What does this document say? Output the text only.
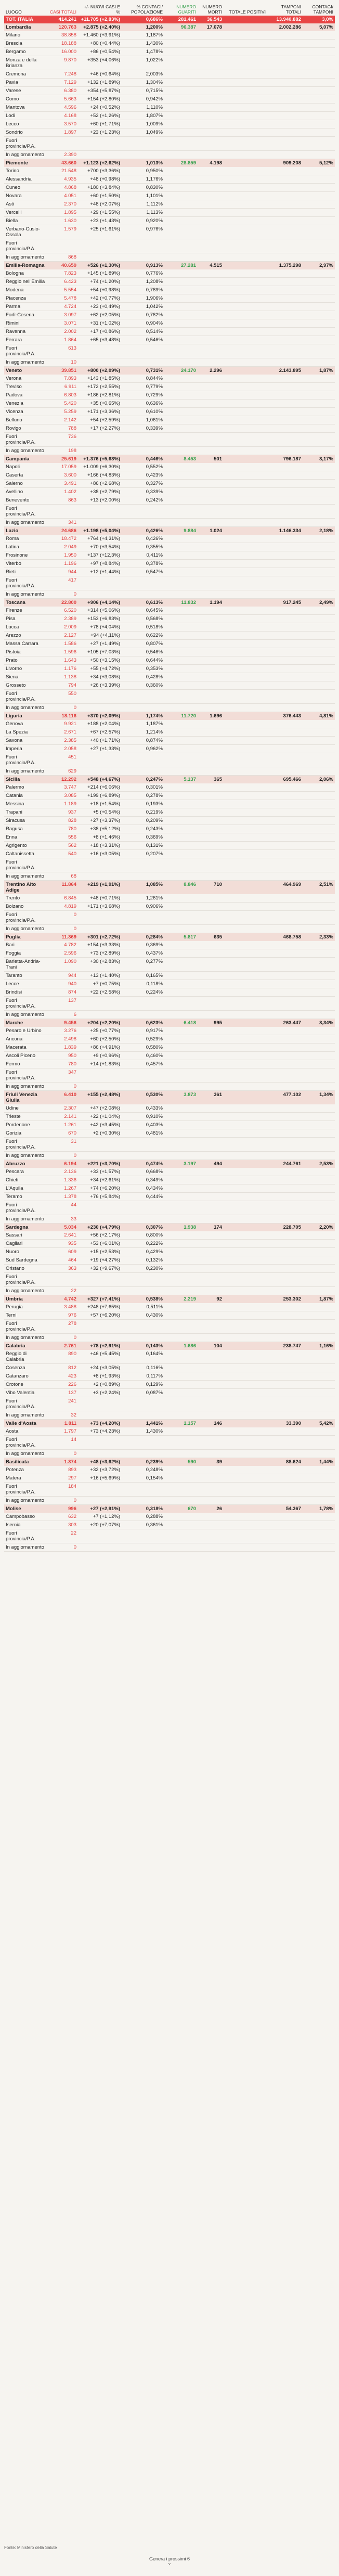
LUOGO	CASI TOTALI	+/- NUOVI CASI E %	% CONTAGI/ POPOLAZIONE	NUMERO GUARITI	NUMERO MORTI	TOTALE POSITIVI	TAMPONI TOTALI	CONTAGI/ TAMPONI
TOT. ITALIA	414.241	+11.705 (+2,83%)	0,686%	281.461	36.543		13.940.882	3,0%
Lombardia	120.763	+2.875 (+2,40%)	1,200%	96.387	17.078		2.002.286	5,07%
Milano	38.858	+1.460 (+3,91%)	1,187%					
Brescia	18.188	+80 (+0,44%)	1,430%					
Bergamo	16.000	+86 (+0,54%)	1,478%					
Monza e della Brianza	9.870	+353 (+4,06%)	1,022%					
Cremona	7.248	+46 (+0,64%)	2,003%					
Pavia	7.129	+132 (+1,89%)	1,304%					
Varese	6.380	+354 (+5,87%)	0,715%					
Como	5.663	+154 (+2,80%)	0,942%					
Mantova	4.596	+24 (+0,52%)	1,110%					
Lodi	4.168	+52 (+1,26%)	1,807%					
Lecco	3.570	+60 (+1,71%)	1,009%					
Sondrio	1.897	+23 (+1,23%)	1,049%					
Fuori provincia/P.A.								
In aggiornamento	2.390							
Piemonte	43.660	+1.123 (+2,62%)	1,013%	28.859	4.198		909.208	5,12%
Torino	21.548	+700 (+3,36%)	0,950%					
Alessandria	4.935	+48 (+0,98%)	1,176%					
Cuneo	4.868	+180 (+3,84%)	0,830%					
Novara	4.051	+60 (+1,50%)	1,101%					
Asti	2.370	+48 (+2,07%)	1,112%					
Vercelli	1.895	+29 (+1,55%)	1,113%					
Biella	1.630	+23 (+1,43%)	0,920%					
Verbano-Cusio-Ossola	1.579	+25 (+1,61%)	0,976%					
Fuori provincia/P.A.								
In aggiornamento	868							
Emilia-Romagna	40.659	+526 (+1,30%)	0,913%	27.281	4.515		1.375.298	2,97%
Bologna	7.823	+145 (+1,89%)	0,776%					
Reggio nell'Emilia	6.423	+74 (+1,20%)	1,208%					
Modena	5.554	+54 (+0,98%)	0,789%					
Piacenza	5.478	+42 (+0,77%)	1,906%					
Parma	4.724	+23 (+0,49%)	1,042%					
Forlì-Cesena	3.097	+62 (+2,05%)	0,782%					
Rimini	3.071	+31 (+1,02%)	0,904%					
Ravenna	2.002	+17 (+0,86%)	0,514%					
Ferrara	1.864	+65 (+3,48%)	0,546%					
Fuori provincia/P.A.	613							
In aggiornamento	10							
Veneto	39.851	+800 (+2,09%)	0,731%	24.170	2.296		2.143.895	1,87%
Verona	7.893	+143 (+1,85%)	0,844%					
Treviso	6.911	+172 (+2,55%)	0,779%					
Padova	6.803	+186 (+2,81%)	0,729%					
Venezia	5.420	+35 (+0,65%)	0,636%					
Vicenza	5.259	+171 (+3,36%)	0,610%					
Belluno	2.142	+54 (+2,59%)	1,061%					
Rovigo	788	+17 (+2,27%)	0,339%					
Fuori provincia/P.A.	736							
In aggiornamento	198							
Campania	25.619	+1.376 (+5,63%)	0,446%	8.453	501		796.187	3,17%
Napoli	17.059	+1.009 (+6,30%)	0,552%					
Caserta	3.600	+166 (+4,83%)	0,423%					
Salerno	3.491	+86 (+2,68%)	0,327%					
Avellino	1.402	+38 (+2,79%)	0,339%					
Benevento	863	+13 (+2,00%)	0,242%					
Fuori provincia/P.A.								
In aggiornamento	341							
Lazio	24.686	+1.198 (+5,04%)	0,426%	9.884	1.024		1.146.334	2,18%
Roma	18.472	+764 (+4,31%)	0,426%					
Latina	2.049	+70 (+3,54%)	0,355%					
Frosinone	1.950	+137 (+12,3%)	0,411%					
Viterbo	1.196	+97 (+8,84%)	0,378%					
Rieti	944	+12 (+1,44%)	0,547%					
Fuori provincia/P.A.	417							
In aggiornamento	0							
Toscana	22.800	+906 (+4,14%)	0,613%	11.832	1.194		917.245	2,49%
Firenze	6.520	+314 (+5,06%)	0,645%					
Pisa	2.389	+153 (+6,83%)	0,568%					
Lucca	2.009	+78 (+4,04%)	0,518%					
Arezzo	2.127	+94 (+4,11%)	0,622%					
Massa Carrara	1.586	+27 (+1,49%)	0,807%					
Pistoia	1.596	+105 (+7,03%)	0,546%					
Prato	1.643	+50 (+3,15%)	0,644%					
Livorno	1.176	+55 (+4,72%)	0,353%					
Siena	1.138	+34 (+3,08%)	0,428%					
Grosseto	794	+26 (+3,39%)	0,360%					
Fuori provincia/P.A.	550							
In aggiornamento	0							
Liguria	18.116	+370 (+2,09%)	1,174%	11.720	1.696		376.443	4,81%
Genova	9.921	+188 (+2,04%)	1,187%					
La Spezia	2.671	+67 (+2,57%)	1,214%					
Savona	2.385	+40 (+1,71%)	0,874%					
Imperia	2.058	+27 (+1,33%)	0,962%					
Fuori provincia/P.A.	451							
In aggiornamento	629							
Sicilia	12.292	+548 (+4,67%)	0,247%	5.137	365		695.466	2,06%
Palermo	3.747	+214 (+6,06%)	0,301%					
Catania	3.085	+199 (+6,89%)	0,278%					
Messina	1.189	+18 (+1,54%)	0,193%					
Trapani	937	+5 (+0,54%)	0,219%					
Siracusa	828	+27 (+3,37%)	0,209%					
Ragusa	780	+38 (+5,12%)	0,243%					
Enna	556	+8 (+1,46%)	0,369%					
Agrigento	562	+18 (+3,31%)	0,131%					
Caltanissetta	540	+16 (+3,05%)	0,207%					
Fuori provincia/P.A.								
In aggiornamento	68							
Trentino Alto Adige	11.864	+219 (+1,91%)	1,085%	8.846	710		464.969	2,51%
Trento	6.845	+48 (+0,71%)	1,261%					
Bolzano	4.819	+171 (+3,68%)	0,906%					
Fuori provincia/P.A.	0							
In aggiornamento	0							
Puglia	11.369	+301 (+2,72%)	0,284%	5.817	635		468.758	2,33%
Bari	4.782	+154 (+3,33%)	0,369%					
Foggia	2.596	+73 (+2,89%)	0,437%					
Barletta-Andria-Trani	1.090	+30 (+2,83%)	0,277%					
Taranto	944	+13 (+1,40%)	0,165%					
Lecce	940	+7 (+0,75%)	0,118%					
Brindisi	874	+22 (+2,58%)	0,224%					
Fuori provincia/P.A.	137							
In aggiornamento	6							
Marche	9.456	+204 (+2,20%)	0,623%	6.418	995		263.447	3,34%
Pesaro e Urbino	3.276	+25 (+0,77%)	0,917%					
Ancona	2.498	+60 (+2,50%)	0,529%					
Macerata	1.839	+86 (+4,91%)	0,580%					
Ascoli Piceno	950	+9 (+0,96%)	0,460%					
Fermo	780	+14 (+1,83%)	0,457%					
Fuori provincia/P.A.	347							
In aggiornamento	0							
Friuli Venezia Giulia	6.410	+155 (+2,48%)	0,530%	3.873	361		477.102	1,34%
Udine	2.307	+47 (+2,08%)	0,433%					
Trieste	2.141	+22 (+1,04%)	0,910%					
Pordenone	1.261	+42 (+3,45%)	0,403%					
Gorizia	670	+2 (+0,30%)	0,481%					
Fuori provincia/P.A.	31							
In aggiornamento	0							
Abruzzo	6.194	+221 (+3,70%)	0,474%	3.197	494		244.761	2,53%
Pescara	2.136	+33 (+1,57%)	0,668%					
Chieti	1.336	+34 (+2,61%)	0,349%					
L'Aquila	1.267	+74 (+6,20%)	0,434%					
Teramo	1.378	+76 (+5,84%)	0,444%					
Fuori provincia/P.A.	44							
In aggiornamento	33							
Sardegna	5.034	+230 (+4,79%)	0,307%	1.938	174		228.705	2,20%
Sassari	2.641	+56 (+2,17%)	0,800%					
Cagliari	935	+53 (+6,01%)	0,222%					
Nuoro	609	+15 (+2,53%)	0,429%					
Sud Sardegna	464	+19 (+4,27%)	0,132%					
Oristano	363	+32 (+9,67%)	0,230%					
Fuori provincia/P.A.								
In aggiornamento	22							
Umbria	4.742	+327 (+7,41%)	0,538%	2.219	92		253.302	1,87%
Perugia	3.488	+248 (+7,65%)	0,511%					
Terni	976	+57 (+6,20%)	0,430%					
Fuori provincia/P.A.	278							
In aggiornamento	0							
Calabria	2.761	+78 (+2,91%)	0,143%	1.686	104		238.747	1,16%
Reggio di Calabria	890	+46 (+5,45%)	0,164%					
Cosenza	812	+24 (+3,05%)	0,116%					
Catanzaro	423	+8 (+1,93%)	0,117%					
Crotone	226	+2 (+0,89%)	0,129%					
Vibo Valentia	137	+3 (+2,24%)	0,087%					
Fuori provincia/P.A.	241							
In aggiornamento	32							
Valle d'Aosta	1.811	+73 (+4,20%)	1,441%	1.157	146		33.390	5,42%
Aosta	1.797	+73 (+4,23%)	1,430%					
Fuori provincia/P.A.	14							
In aggiornamento	0							
Basilicata	1.374	+48 (+3,62%)	0,239%	590	39		88.624	1,44%
Potenza	893	+32 (+3,72%)	0,248%					
Matera	297	+16 (+5,69%)	0,154%					
Fuori provincia/P.A.	184							
In aggiornamento	0							
Molise	996	+27 (+2,91%)	0,318%	670	26		54.367	1,78%
Campobasso	632	+7 (+1,12%)	0,288%					
Isernia	303	+20 (+7,07%)	0,361%					
Fuori provincia/P.A.	22							
In aggiornamento	0							
Fonte: Ministero della Salute
Genera i prossimi 6
⌄
